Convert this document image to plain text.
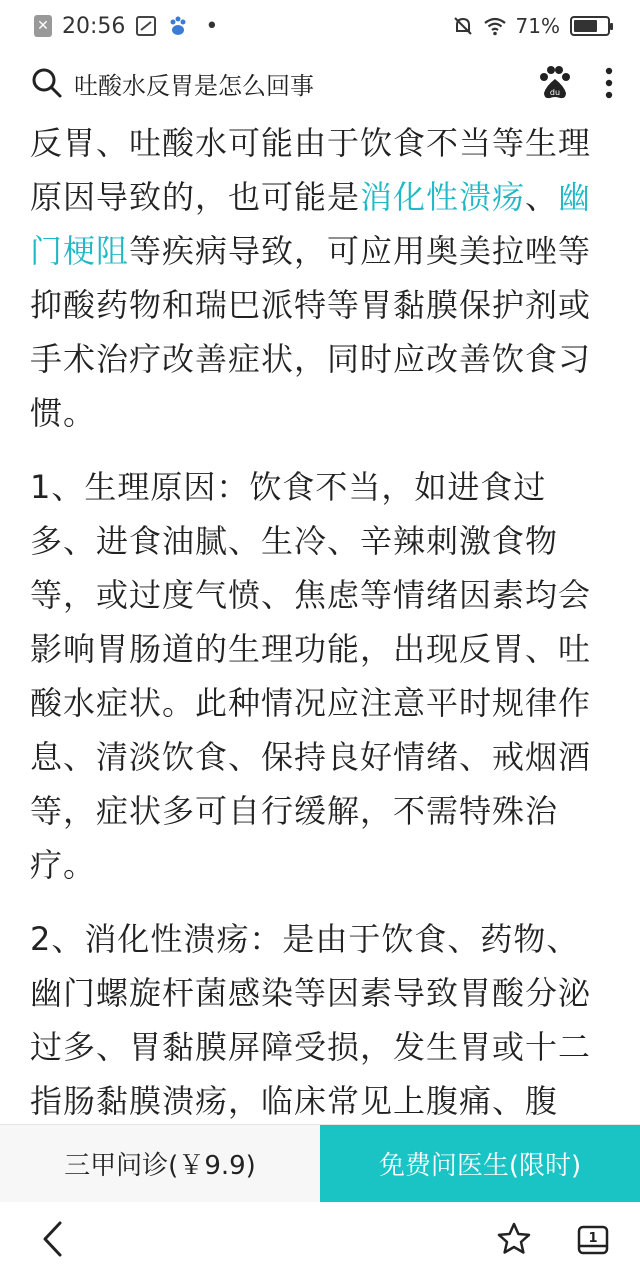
✕ 20:56	•	71%
吐酸水反胃是怎么回事	du

反胃、吐酸水可能由于饮食不当等生理原因导致的，也可能是消化性溃疡、幽门梗阻等疾病导致，可应用奥美拉唑等抑酸药物和瑞巴派特等胃黏膜保护剂或手术治疗改善症状，同时应改善饮食习惯。

1、生理原因：饮食不当，如进食过多、进食油腻、生冷、辛辣刺激食物等，或过度气愤、焦虑等情绪因素均会影响胃肠道的生理功能，出现反胃、吐酸水症状。此种情况应注意平时规律作息、清淡饮食、保持良好情绪、戒烟酒等，症状多可自行缓解，不需特殊治疗。

2、消化性溃疡：是由于饮食、药物、幽门螺旋杆菌感染等因素导致胃酸分泌过多、胃黏膜屏障受损，发生胃或十二指肠黏膜溃疡，临床常见上腹痛、腹

三甲问诊(￥9.9)	免费问医生(限时)
1
